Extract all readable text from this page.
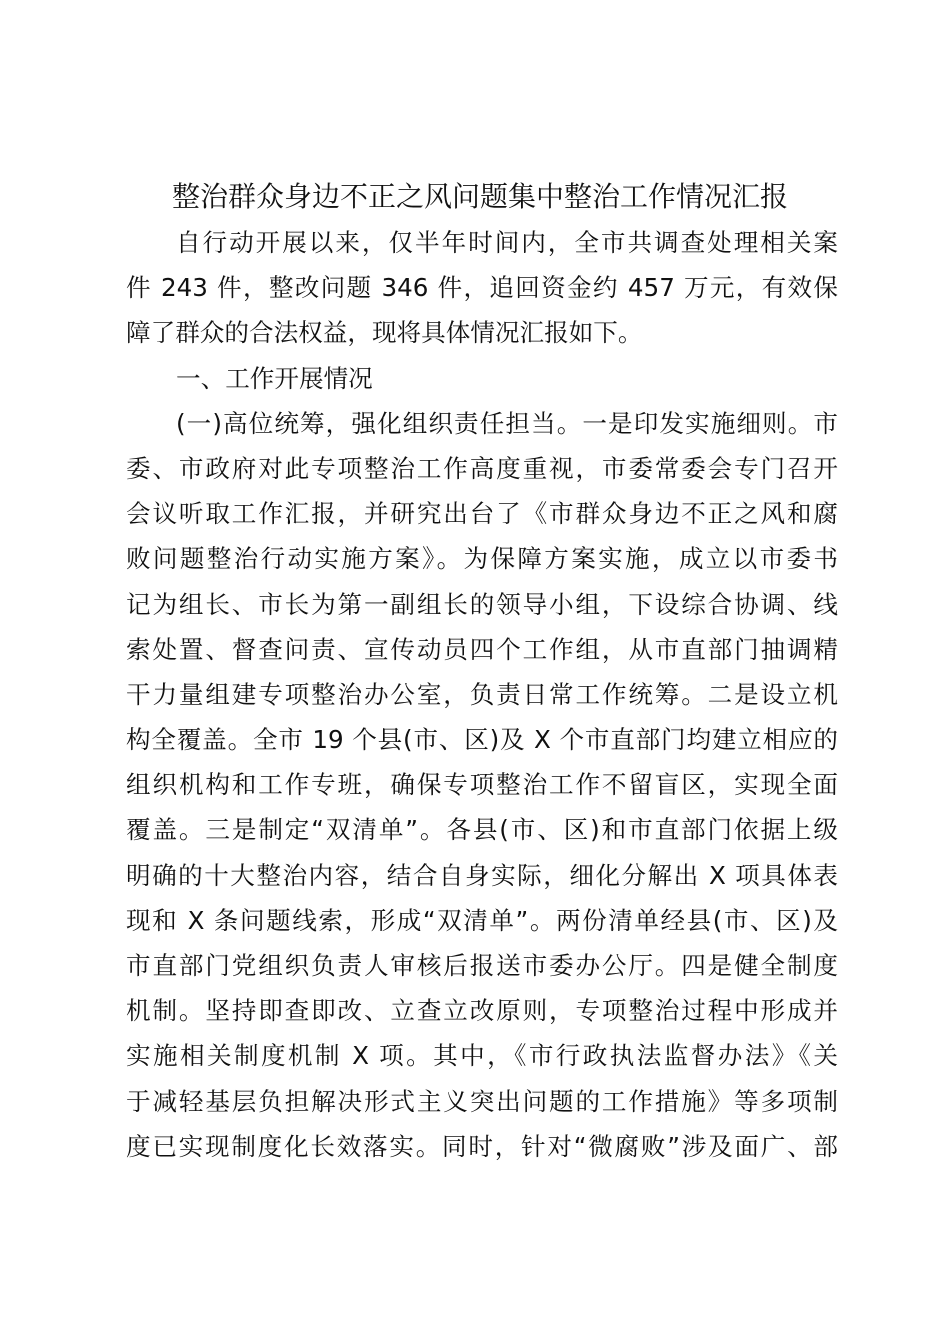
整治群众身边不正之风问题集中整治工作情况汇报
自行动开展以来，仅半年时间内，全市共调查处理相关案
件 243 件，整改问题 346 件，追回资金约 457 万元，有效保
障了群众的合法权益，现将具体情况汇报如下。
一、工作开展情况
(一)高位统筹，强化组织责任担当。一是印发实施细则。市
委、市政府对此专项整治工作高度重视，市委常委会专门召开
会议听取工作汇报，并研究出台了《市群众身边不正之风和腐
败问题整治行动实施方案》。为保障方案实施，成立以市委书
记为组长、市长为第一副组长的领导小组，下设综合协调、线
索处置、督查问责、宣传动员四个工作组，从市直部门抽调精
干力量组建专项整治办公室，负责日常工作统筹。二是设立机
构全覆盖。全市 19 个县(市、区)及 X 个市直部门均建立相应的
组织机构和工作专班，确保专项整治工作不留盲区，实现全面
覆盖。三是制定“双清单”。各县(市、区)和市直部门依据上级
明确的十大整治内容，结合自身实际，细化分解出 X 项具体表
现和 X 条问题线索，形成“双清单”。两份清单经县(市、区)及
市直部门党组织负责人审核后报送市委办公厅。四是健全制度
机制。坚持即查即改、立查立改原则，专项整治过程中形成并
实施相关制度机制 X 项。其中，《市行政执法监督办法》《关
于减轻基层负担解决形式主义突出问题的工作措施》等多项制
度已实现制度化长效落实。同时，针对“微腐败”涉及面广、部
